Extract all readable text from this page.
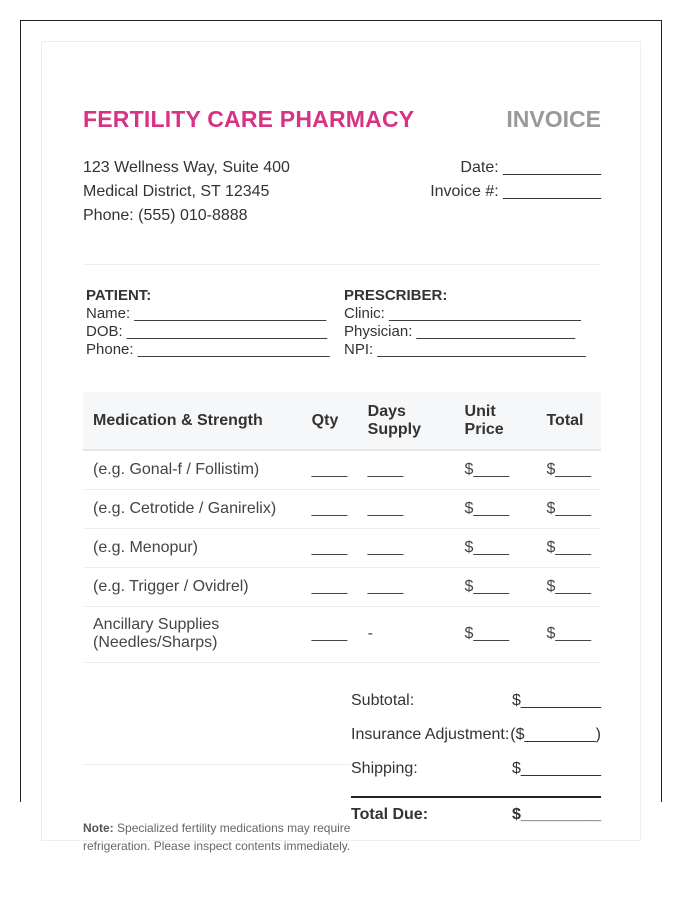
FERTILITY CARE PHARMACY	INVOICE
123 Wellness Way, Suite 400
Medical District, ST 12345
Phone: (555) 010-8888
Date: ___________
Invoice #: ___________
PATIENT:
Name: _______________________
DOB: ________________________
Phone: _______________________
PRESCRIBER:
Clinic: _______________________
Physician: ___________________
NPI: _________________________
Medication & Strength	Qty	Days Supply	Unit Price	Total
(e.g. Gonal-f / Follistim)	____	____	$____	$____
(e.g. Cetrotide / Ganirelix)	____	____	$____	$____
(e.g. Menopur)	____	____	$____	$____
(e.g. Trigger / Ovidrel)	____	____	$____	$____
Ancillary Supplies (Needles/Sharps)	____	-	$____	$____
Subtotal:	$_________
Insurance Adjustment: ($________)
Shipping:	$_________
Total Due:	$_________
Note: Specialized fertility medications may require refrigeration. Please inspect contents immediately.
